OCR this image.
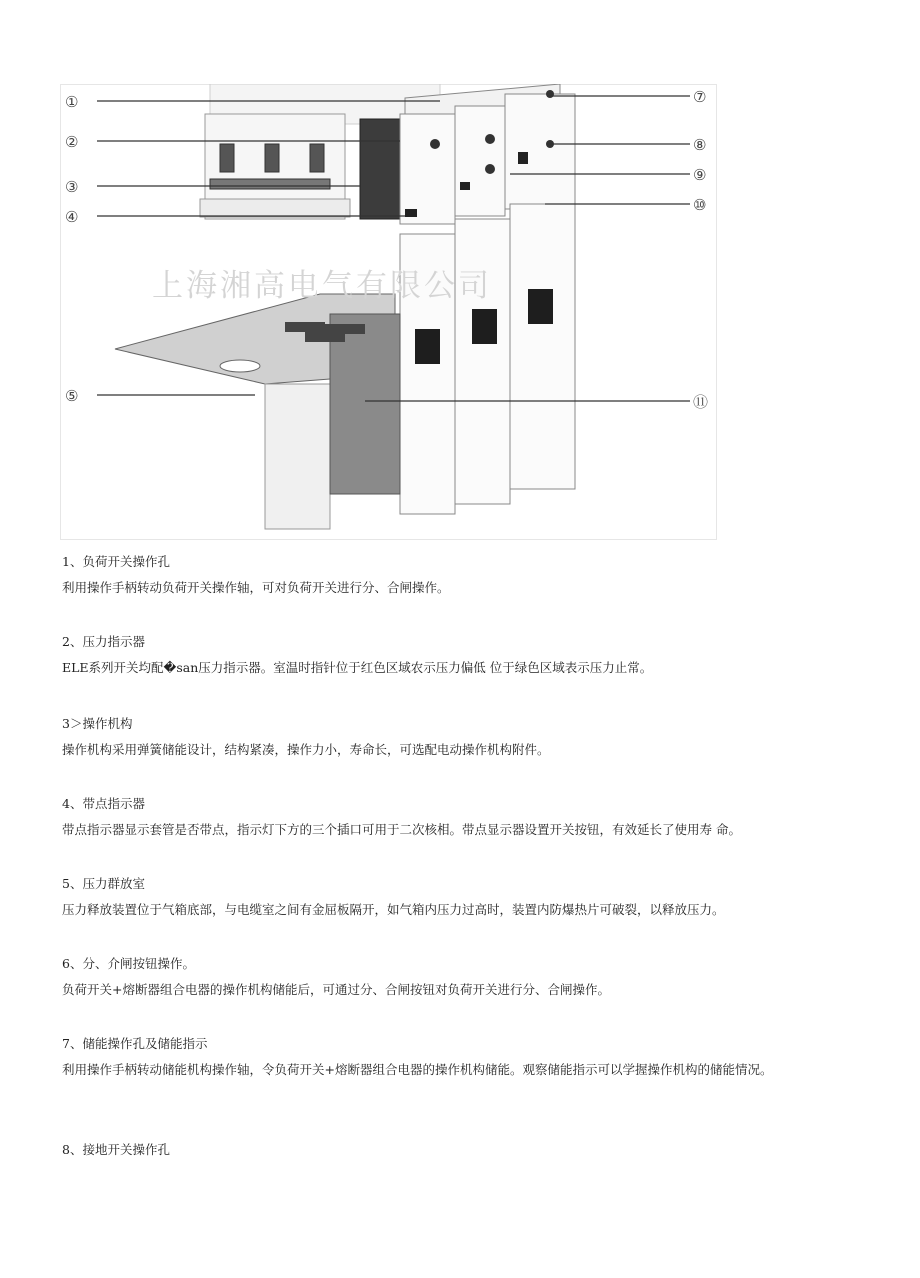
上海湘高电气有限公司
①
②
③
④
⑤
⑦
⑧
⑨
⑩
⑪
1、负荷开关操作孔
利用操作手柄转动负荷开关操作轴，可对负荷开关进行分、合闸操作。
2、压力指示器
ELE系列开关均配�san压力指示器。室温时指针位于红色区域农示压力偏低 位于绿色区域表示压力止常。
3＞操作机构
操作机构采用弹簧储能设计，结构紧凑，操作力小，寿命长，可选配电动操作机构附件。
4、带点指示器
带点指示器显示套管是否带点，指示灯下方的三个插口可用于二次核相。带点显示器设置开关按钮，有效延长了使用寿 命。
5、压力群放室
压力释放装置位于气箱底部，与电缆室之间有金屈板隔开，如气箱内压力过高时，装置内防爆热片可破裂，以释放压力。
6、分、介闸按钮操作。
负荷开关+熔断器组合电器的操作机构储能后，可通过分、合闸按钮对负荷开关进行分、合闸操作。
7、储能操作孔及储能指示
利用操作手柄转动储能机构操作轴，令负荷开关+熔断器组合电器的操作机构储能。观察储能指示可以学握操作机构的储能情况。
8、接地开关操作孔
